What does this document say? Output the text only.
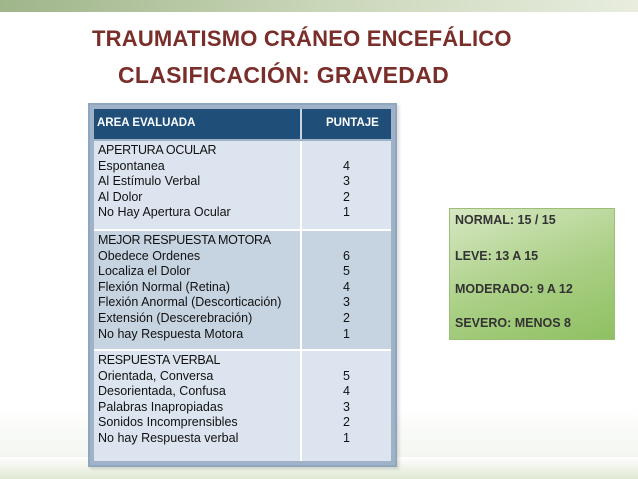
TRAUMATISMO CRÁNEO ENCEFÁLICO
CLASIFICACIÓN: GRAVEDAD
AREA EVALUADA	PUNTAJE
APERTURA OCULAR
Espontanea
Al Estímulo Verbal
Al Dolor
No Hay Apertura Ocular

4
3
2
1
MEJOR RESPUESTA MOTORA
Obedece Ordenes
Localiza el Dolor
Flexión Normal (Retina)
Flexión Anormal (Descorticación)
Extensión (Descerebración)
No hay Respuesta Motora

6
5
4
3
2
1
RESPUESTA VERBAL
Orientada, Conversa
Desorientada, Confusa
Palabras Inapropiadas
Sonidos Incomprensibles
No hay Respuesta verbal

5
4
3
2
1
NORMAL: 15 / 15
LEVE: 13 A 15
MODERADO: 9 A 12
SEVERO: MENOS 8
